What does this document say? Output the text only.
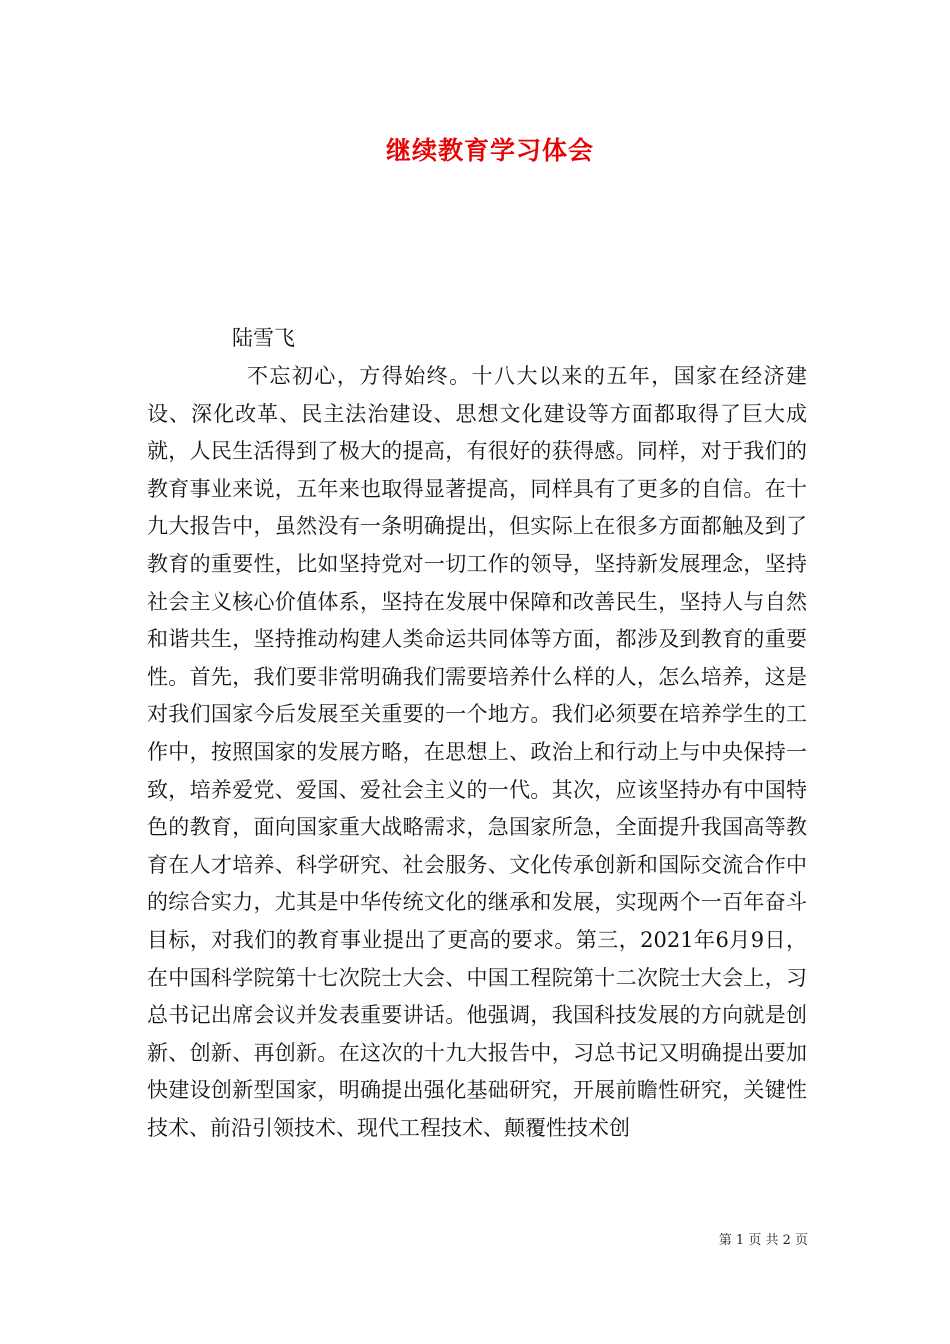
继续教育学习体会
陆雪飞

不忘初心，方得始终。十八大以来的五年，国家在经济建设、深化改革、民主法治建设、思想文化建设等方面都取得了巨大成就，人民生活得到了极大的提高，有很好的获得感。同样，对于我们的教育事业来说，五年来也取得显著提高，同样具有了更多的自信。在十九大报告中，虽然没有一条明确提出，但实际上在很多方面都触及到了教育的重要性，比如坚持党对一切工作的领导，坚持新发展理念，坚持社会主义核心价值体系，坚持在发展中保障和改善民生，坚持人与自然和谐共生，坚持推动构建人类命运共同体等方面，都涉及到教育的重要性。首先，我们要非常明确我们需要培养什么样的人，怎么培养，这是对我们国家今后发展至关重要的一个地方。我们必须要在培养学生的工作中，按照国家的发展方略，在思想上、政治上和行动上与中央保持一致，培养爱党、爱国、爱社会主义的一代。其次，应该坚持办有中国特色的教育，面向国家重大战略需求，急国家所急，全面提升我国高等教育在人才培养、科学研究、社会服务、文化传承创新和国际交流合作中的综合实力，尤其是中华传统文化的继承和发展，实现两个一百年奋斗目标，对我们的教育事业提出了更高的要求。第三，2021年6月9日，在中国科学院第十七次院士大会、中国工程院第十二次院士大会上，习总书记出席会议并发表重要讲话。他强调，我国科技发展的方向就是创新、创新、再创新。在这次的十九大报告中，习总书记又明确提出要加快建设创新型国家，明确提出强化基础研究，开展前瞻性研究，关键性技术、前沿引领技术、现代工程技术、颠覆性技术创

第 1 页 共 2 页
